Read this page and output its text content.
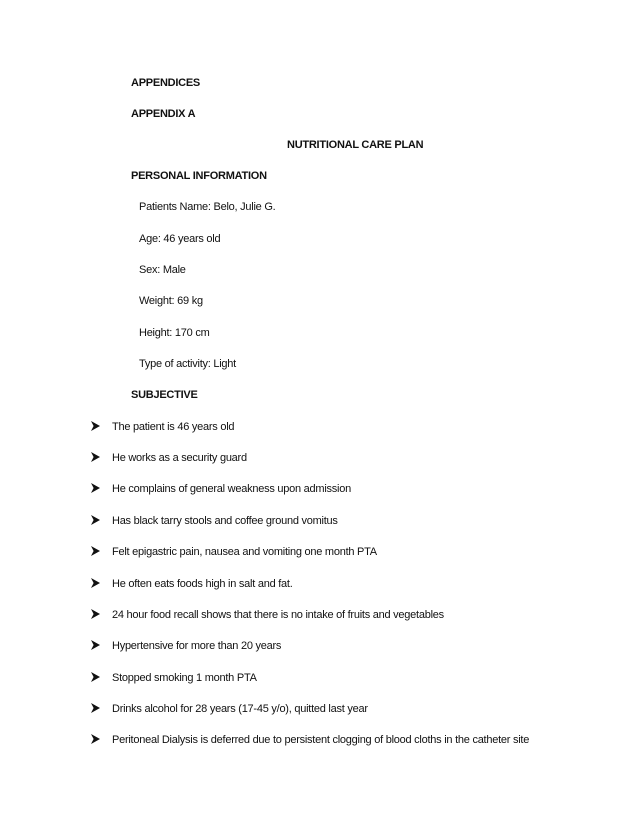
APPENDICES
APPENDIX A
NUTRITIONAL CARE PLAN
PERSONAL INFORMATION
Patients Name: Belo, Julie G.
Age: 46 years old
Sex: Male
Weight: 69 kg
Height: 170 cm
Type of activity: Light
SUBJECTIVE
The patient is 46 years old
He works as a security guard
He complains of general weakness upon admission
Has black tarry stools and coffee ground vomitus
Felt epigastric pain, nausea and vomiting one month PTA
He often eats foods high in salt and fat.
24 hour food recall shows that there is no intake of fruits and vegetables
Hypertensive for more than 20 years
Stopped smoking 1 month PTA
Drinks alcohol for 28 years (17-45 y/o), quitted last year
Peritoneal Dialysis is deferred due to persistent clogging of blood cloths in the catheter site
